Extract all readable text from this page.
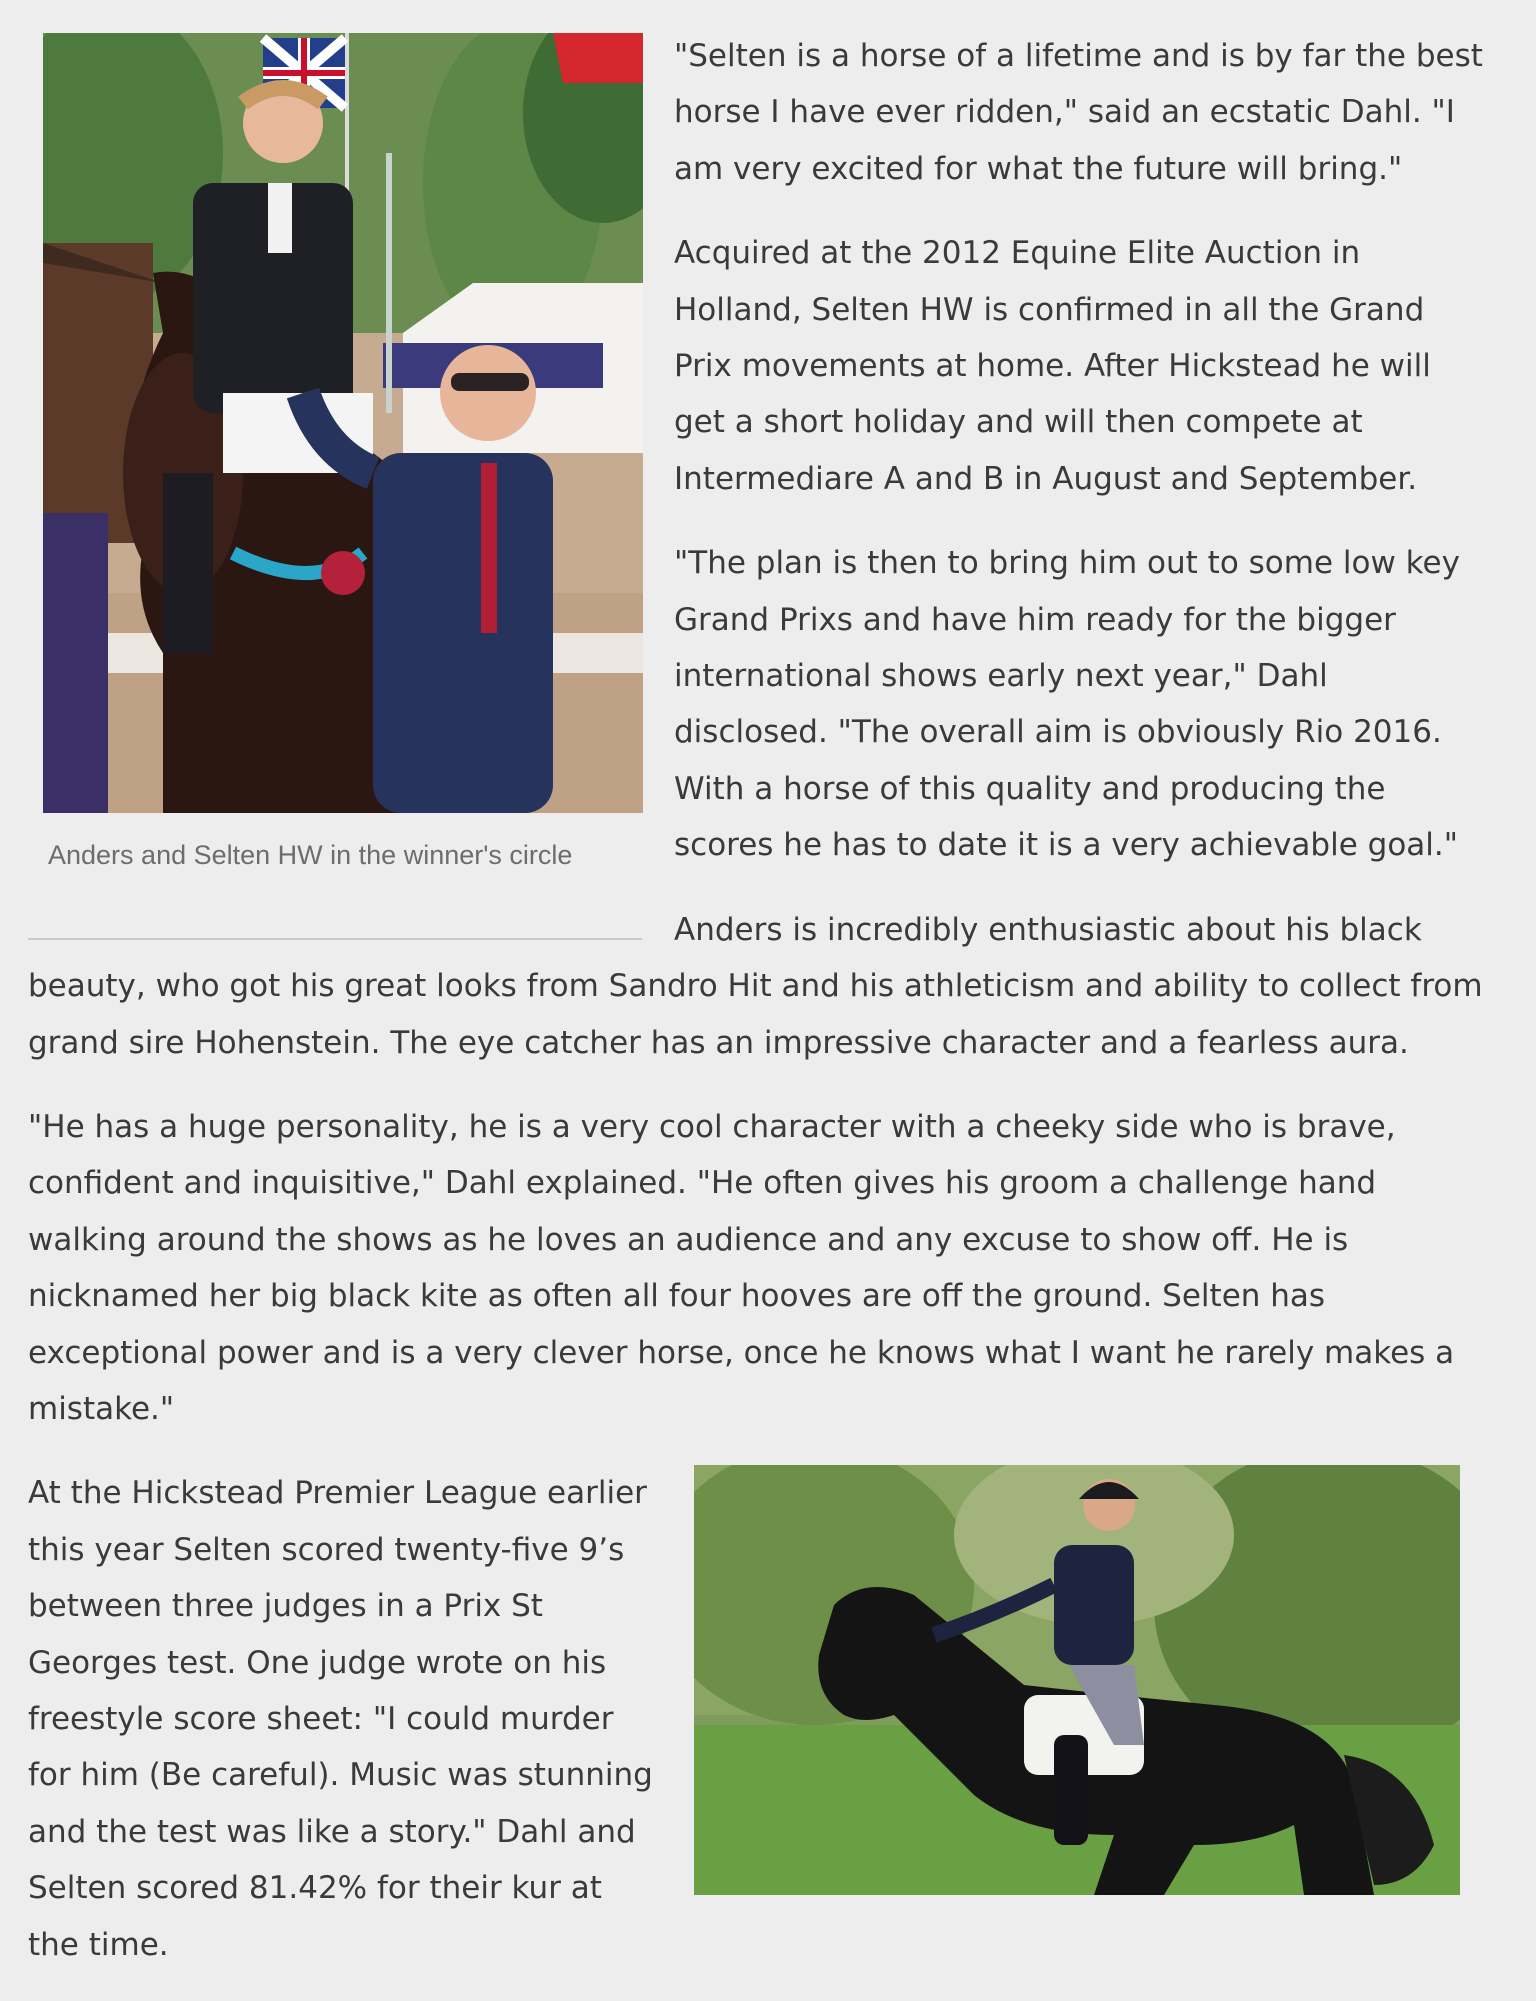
Anders and Selten HW in the winner's circle

"Selten is a horse of a lifetime and is by far the best horse I have ever ridden," said an ecstatic Dahl. "I am very excited for what the future will bring."

Acquired at the 2012 Equine Elite Auction in Holland, Selten HW is confirmed in all the Grand Prix movements at home. After Hickstead he will get a short holiday and will then compete at Intermediare A and B in August and September.

"The plan is then to bring him out to some low key Grand Prixs and have him ready for the bigger international shows early next year," Dahl disclosed. "The overall aim is obviously Rio 2016. With a horse of this quality and producing the scores he has to date it is a very achievable goal."

Anders is incredibly enthusiastic about his black beauty, who got his great looks from Sandro Hit and his athleticism and ability to collect from grand sire Hohenstein. The eye catcher has an impressive character and a fearless aura.

"He has a huge personality, he is a very cool character with a cheeky side who is brave, confident and inquisitive," Dahl explained. "He often gives his groom a challenge hand walking around the shows as he loves an audience and any excuse to show off. He is nicknamed her big black kite as often all four hooves are off the ground. Selten has exceptional power and is a very clever horse, once he knows what I want he rarely makes a mistake."

At the Hickstead Premier League earlier this year Selten scored twenty-five 9’s between three judges in a Prix St Georges test. One judge wrote on his freestyle score sheet: "I could murder for him (Be careful). Music was stunning and the test was like a story." Dahl and Selten scored 81.42% for their kur at the time.
